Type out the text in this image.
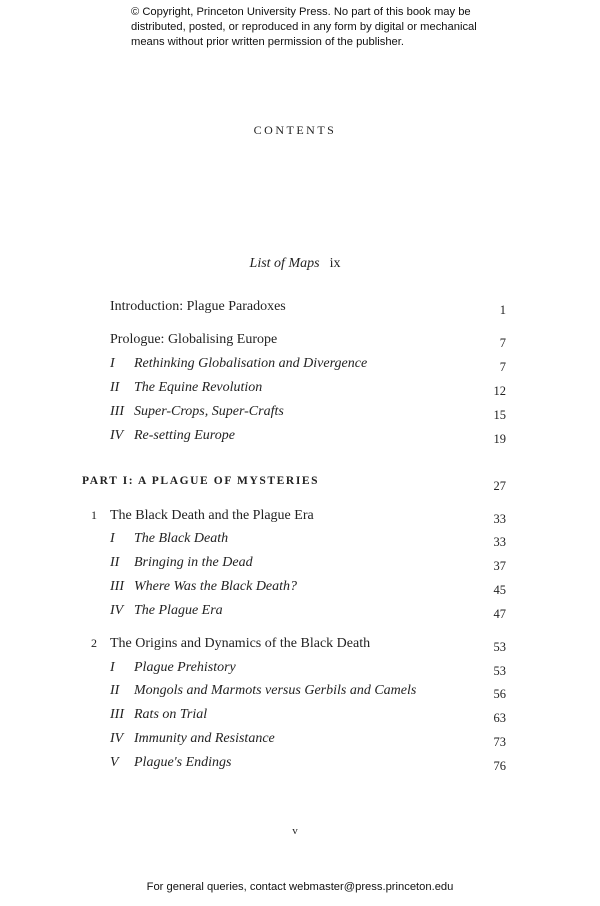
© Copyright, Princeton University Press. No part of this book may be distributed, posted, or reproduced in any form by digital or mechanical means without prior written permission of the publisher.
CONTENTS
List of Maps ix
Introduction: Plague Paradoxes	1
Prologue: Globalising Europe	7
I Rethinking Globalisation and Divergence	7
II The Equine Revolution	12
III Super-Crops, Super-Crafts	15
IV Re-setting Europe	19
PART I: A PLAGUE OF MYSTERIES	27
1 The Black Death and the Plague Era	33
I The Black Death	33
II Bringing in the Dead	37
III Where Was the Black Death?	45
IV The Plague Era	47
2 The Origins and Dynamics of the Black Death	53
I Plague Prehistory	53
II Mongols and Marmots versus Gerbils and Camels	56
III Rats on Trial	63
IV Immunity and Resistance	73
V Plague's Endings	76
v
For general queries, contact webmaster@press.princeton.edu
